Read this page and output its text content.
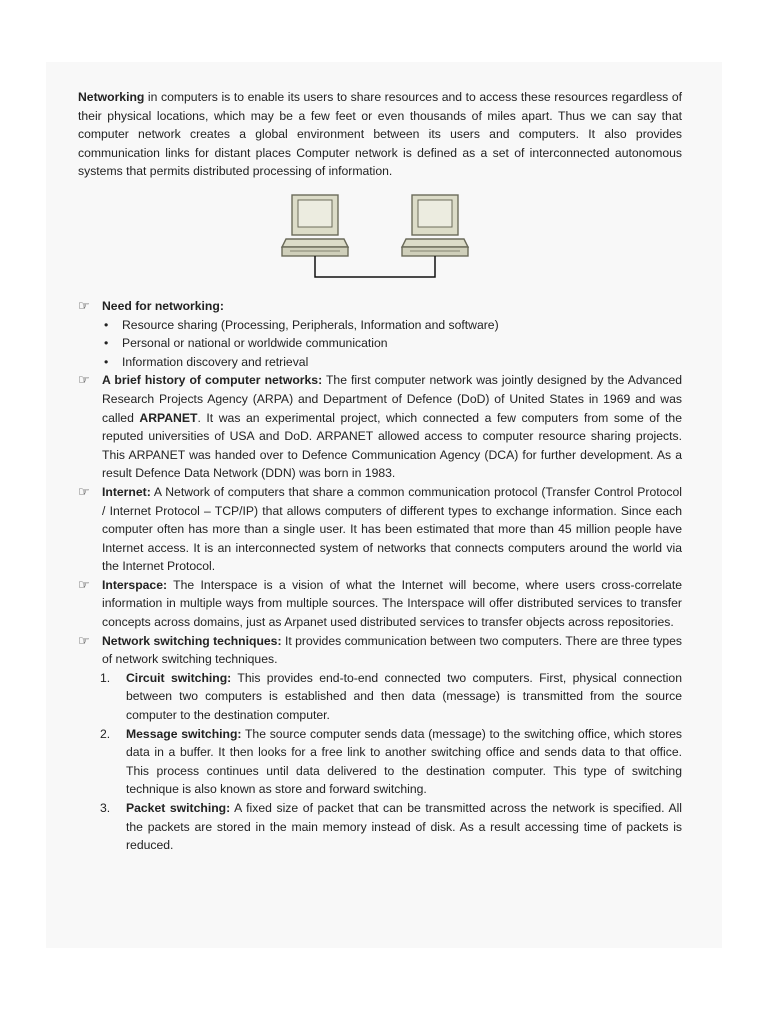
Networking in computers is to enable its users to share resources and to access these resources regardless of their physical locations, which may be a few feet or even thousands of miles apart. Thus we can say that computer network creates a global environment between its users and computers. It also provides communication links for distant places Computer network is defined as a set of interconnected autonomous systems that permits distributed processing of information.

☞ Need for networking:
• Resource sharing (Processing, Peripherals, Information and software)
• Personal or national or worldwide communication
• Information discovery and retrieval
☞ A brief history of computer networks: The first computer network was jointly designed by the Advanced Research Projects Agency (ARPA) and Department of Defence (DoD) of United States in 1969 and was called ARPANET. It was an experimental project, which connected a few computers from some of the reputed universities of USA and DoD. ARPANET allowed access to computer resource sharing projects. This ARPANET was handed over to Defence Communication Agency (DCA) for further development. As a result Defence Data Network (DDN) was born in 1983.
☞ Internet: A Network of computers that share a common communication protocol (Transfer Control Protocol / Internet Protocol – TCP/IP) that allows computers of different types to exchange information. Since each computer often has more than a single user. It has been estimated that more than 45 million people have Internet access. It is an interconnected system of networks that connects computers around the world via the Internet Protocol.
☞ Interspace: The Interspace is a vision of what the Internet will become, where users cross-correlate information in multiple ways from multiple sources. The Interspace will offer distributed services to transfer concepts across domains, just as Arpanet used distributed services to transfer objects across repositories.
☞ Network switching techniques: It provides communication between two computers. There are three types of network switching techniques.
1. Circuit switching: This provides end-to-end connected two computers. First, physical connection between two computers is established and then data (message) is transmitted from the source computer to the destination computer.
2. Message switching: The source computer sends data (message) to the switching office, which stores data in a buffer. It then looks for a free link to another switching office and sends data to that office. This process continues until data delivered to the destination computer. This type of switching technique is also known as store and forward switching.
3. Packet switching: A fixed size of packet that can be transmitted across the network is specified. All the packets are stored in the main memory instead of disk. As a result accessing time of packets is reduced.
